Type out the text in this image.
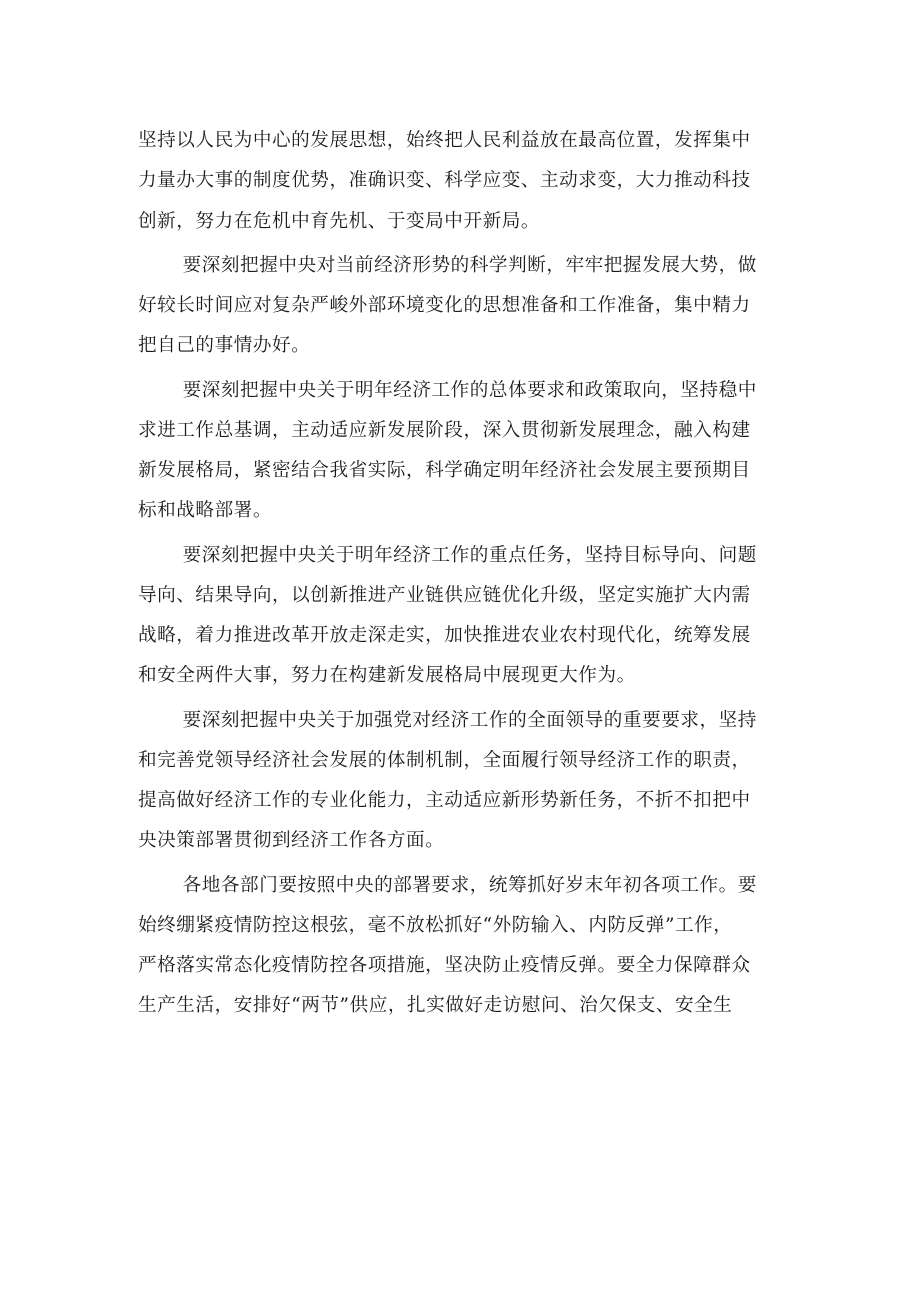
坚持以人民为中心的发展思想，始终把人民利益放在最高位置，发挥集中
力量办大事的制度优势，准确识变、科学应变、主动求变，大力推动科技
创新，努力在危机中育先机、于变局中开新局。

要深刻把握中央对当前经济形势的科学判断，牢牢把握发展大势，做
好较长时间应对复杂严峻外部环境变化的思想准备和工作准备，集中精力
把自己的事情办好。

要深刻把握中央关于明年经济工作的总体要求和政策取向，坚持稳中
求进工作总基调，主动适应新发展阶段，深入贯彻新发展理念，融入构建
新发展格局，紧密结合我省实际，科学确定明年经济社会发展主要预期目
标和战略部署。

要深刻把握中央关于明年经济工作的重点任务，坚持目标导向、问题
导向、结果导向，以创新推进产业链供应链优化升级，坚定实施扩大内需
战略，着力推进改革开放走深走实，加快推进农业农村现代化，统筹发展
和安全两件大事，努力在构建新发展格局中展现更大作为。

要深刻把握中央关于加强党对经济工作的全面领导的重要要求，坚持
和完善党领导经济社会发展的体制机制，全面履行领导经济工作的职责，
提高做好经济工作的专业化能力，主动适应新形势新任务，不折不扣把中
央决策部署贯彻到经济工作各方面。

各地各部门要按照中央的部署要求，统筹抓好岁末年初各项工作。要
始终绷紧疫情防控这根弦，毫不放松抓好“外防输入、内防反弹”工作，
严格落实常态化疫情防控各项措施，坚决防止疫情反弹。要全力保障群众
生产生活，安排好“两节”供应，扎实做好走访慰问、治欠保支、安全生
